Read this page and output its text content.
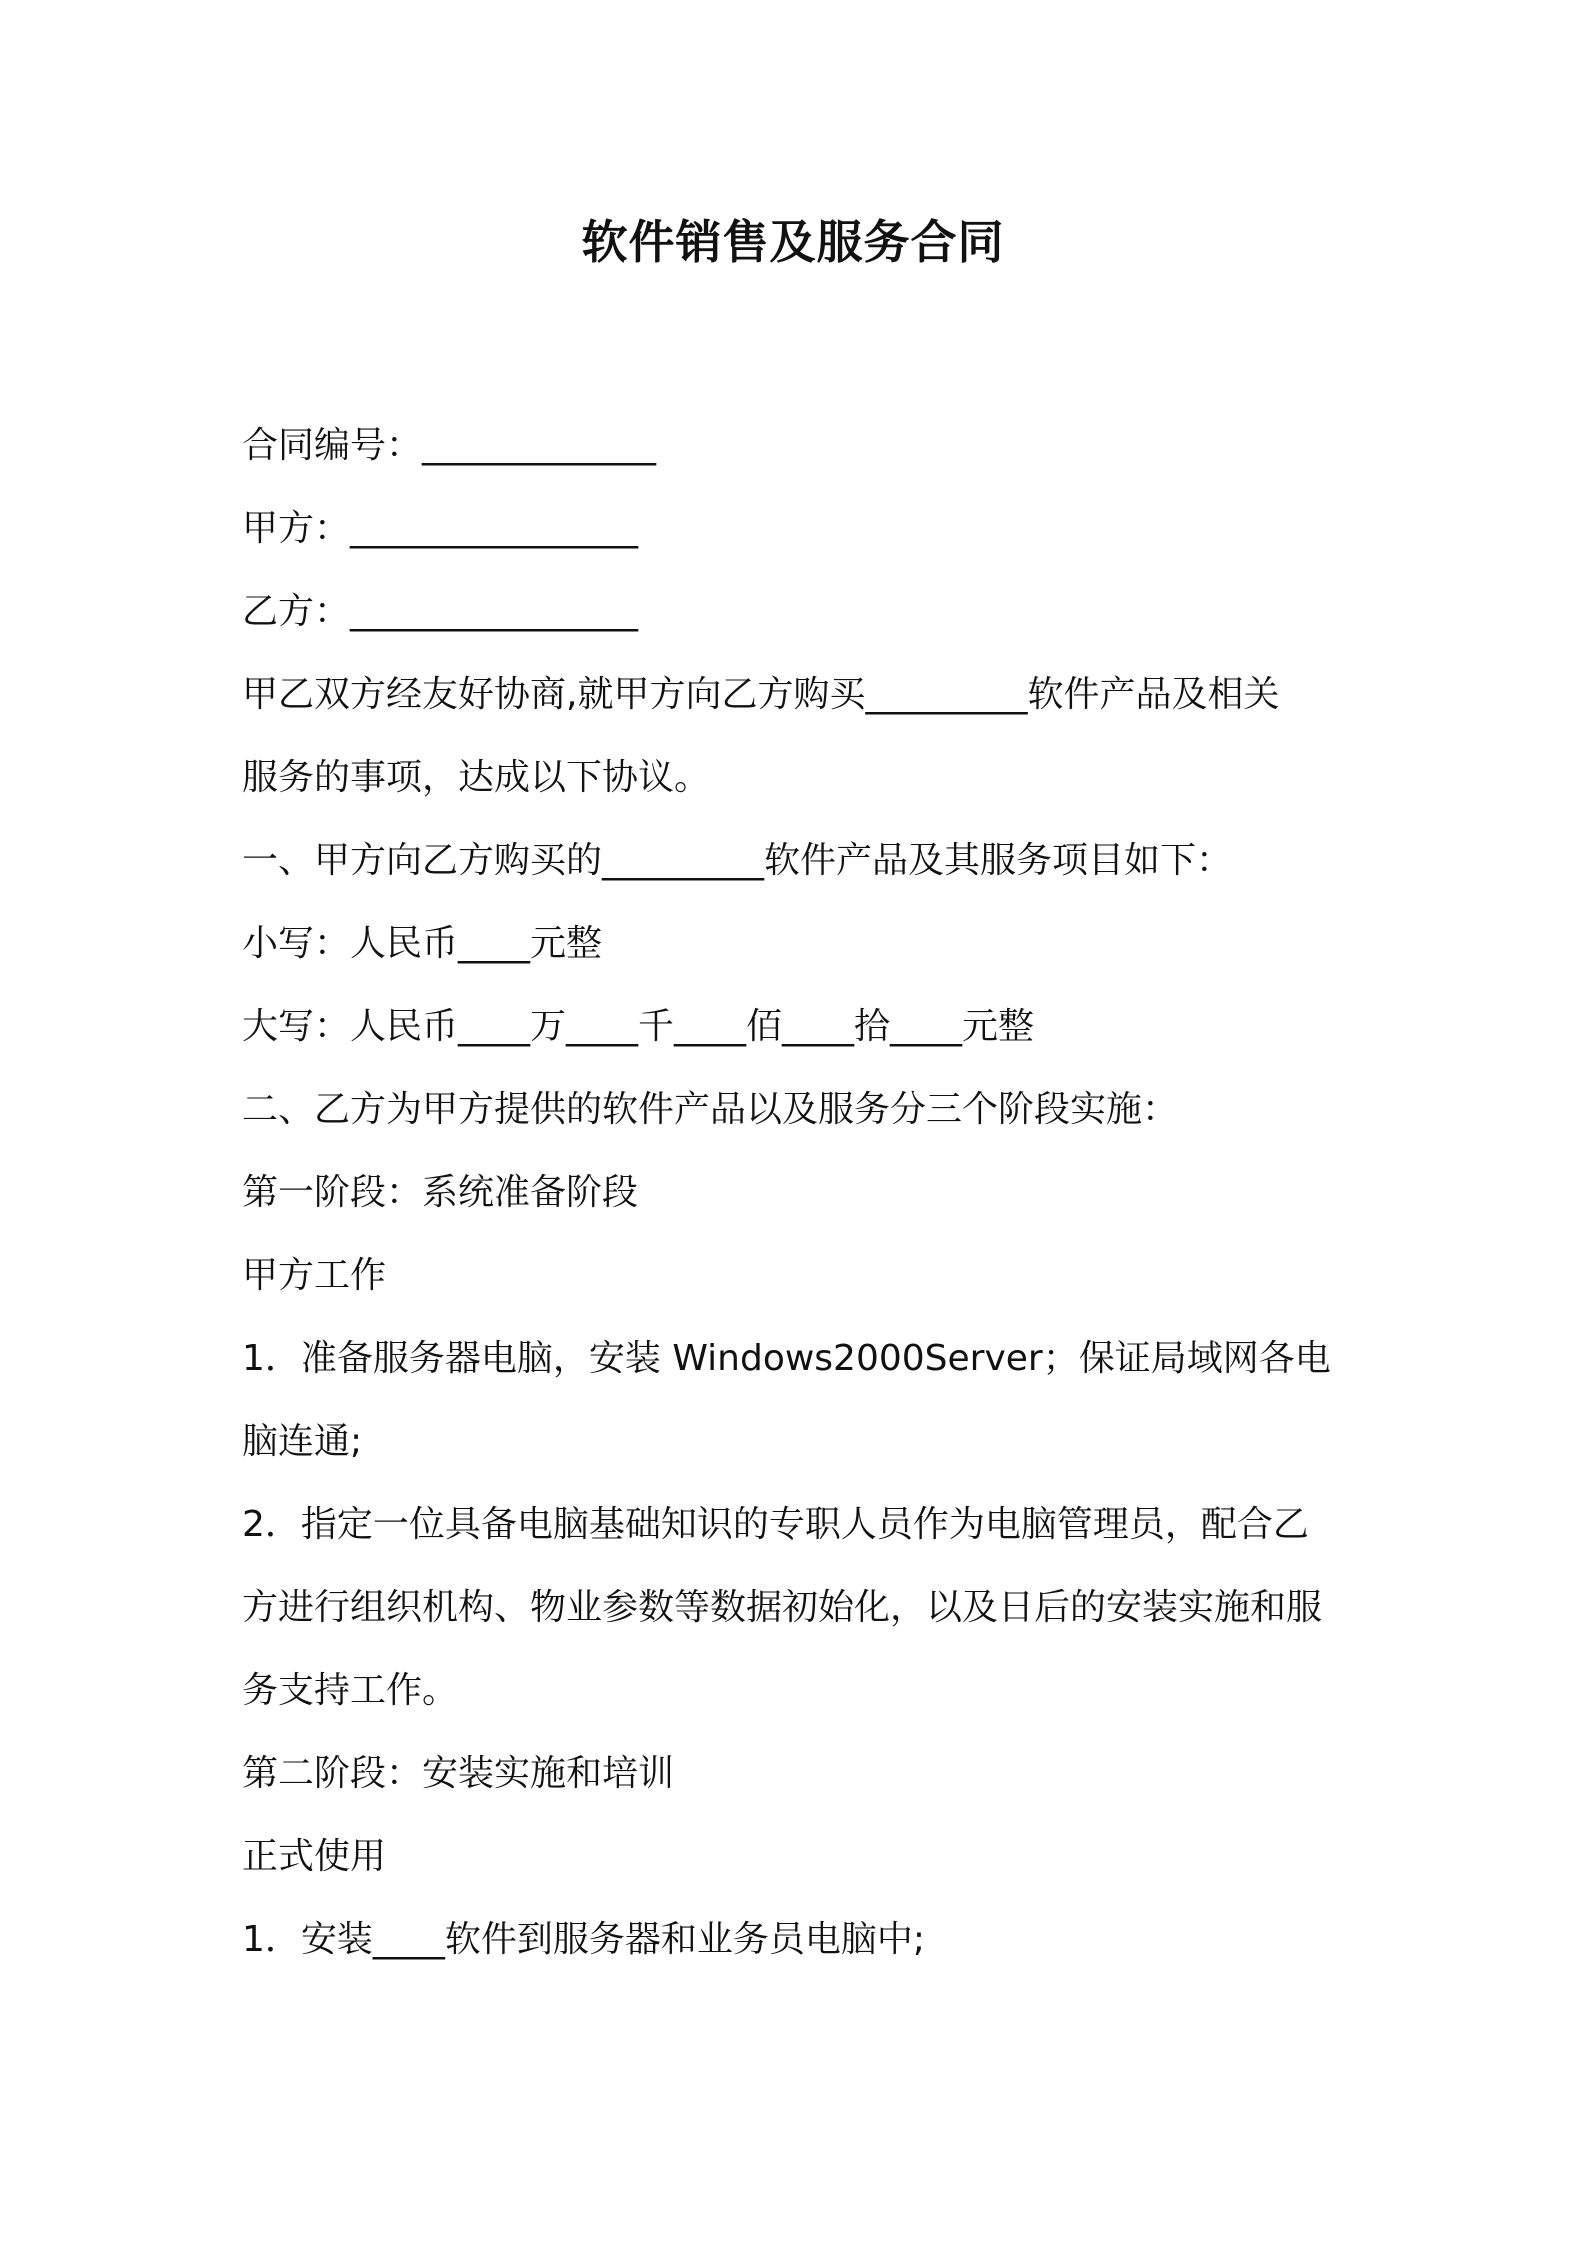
软件销售及服务合同
合同编号：_____________
甲方：________________
乙方：________________
甲乙双方经友好协商,就甲方向乙方购买_________软件产品及相关
服务的事项，达成以下协议。
一、甲方向乙方购买的_________软件产品及其服务项目如下：
小写：人民币____元整
大写：人民币____万____千____佰____拾____元整
二、乙方为甲方提供的软件产品以及服务分三个阶段实施：
第一阶段：系统准备阶段
甲方工作
1．准备服务器电脑，安装 Windows2000Server；保证局域网各电
脑连通;
2．指定一位具备电脑基础知识的专职人员作为电脑管理员，配合乙
方进行组织机构、物业参数等数据初始化，以及日后的安装实施和服
务支持工作。
第二阶段：安装实施和培训
正式使用
1．安装____软件到服务器和业务员电脑中;
